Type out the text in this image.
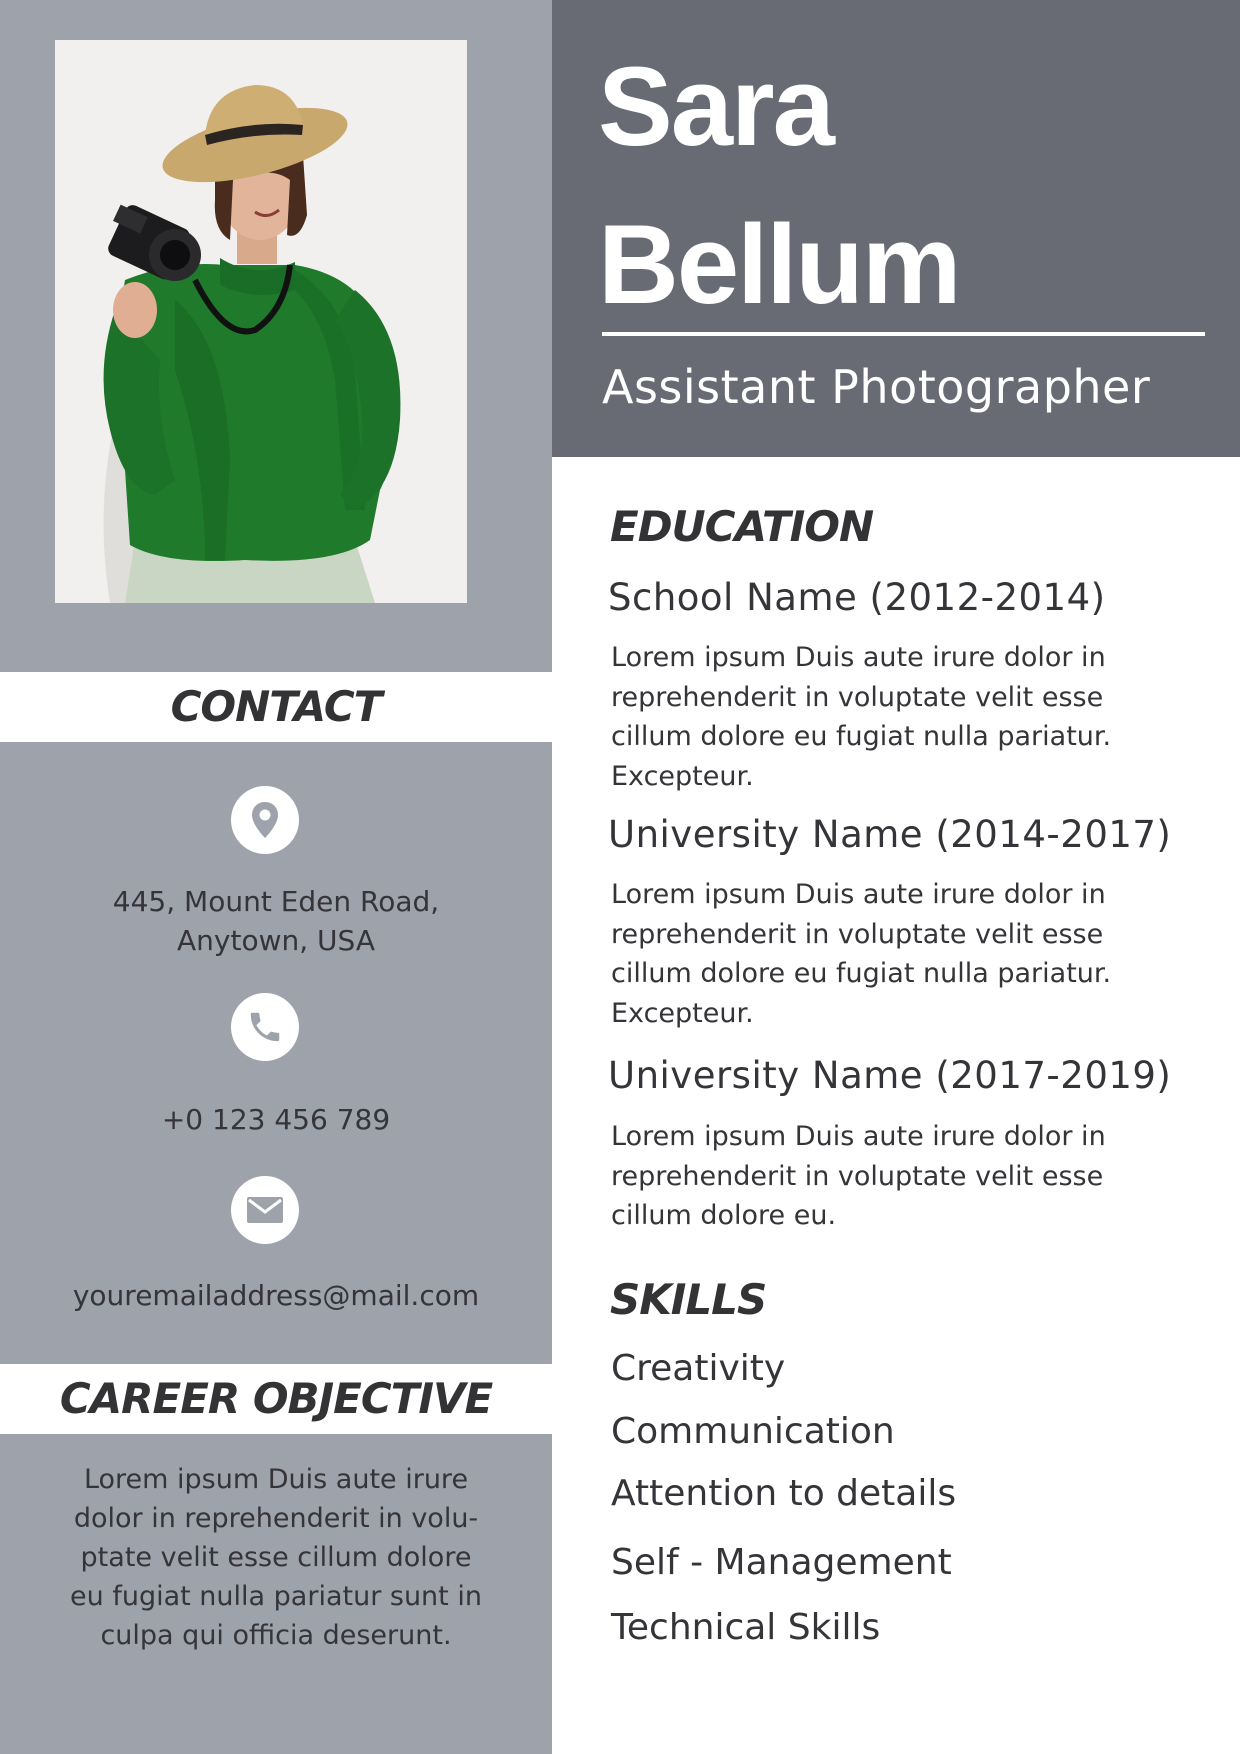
Sara
Bellum
Assistant Photographer
CONTACT
445, Mount Eden Road,
Anytown, USA
+0 123 456 789
youremailaddress@mail.com
CAREER OBJECTIVE
Lorem ipsum Duis aute irure
dolor in reprehenderit in volu-
ptate velit esse cillum dolore
eu fugiat nulla pariatur sunt in
culpa qui officia deserunt.
EDUCATION
School Name (2012-2014)
Lorem ipsum Duis aute irure dolor in
reprehenderit in voluptate velit esse
cillum dolore eu fugiat nulla pariatur.
Excepteur.
University Name (2014-2017)
Lorem ipsum Duis aute irure dolor in
reprehenderit in voluptate velit esse
cillum dolore eu fugiat nulla pariatur.
Excepteur.
University Name (2017-2019)
Lorem ipsum Duis aute irure dolor in
reprehenderit in voluptate velit esse
cillum dolore eu.
SKILLS
Creativity
Communication
Attention to details
Self - Management
Technical Skills
